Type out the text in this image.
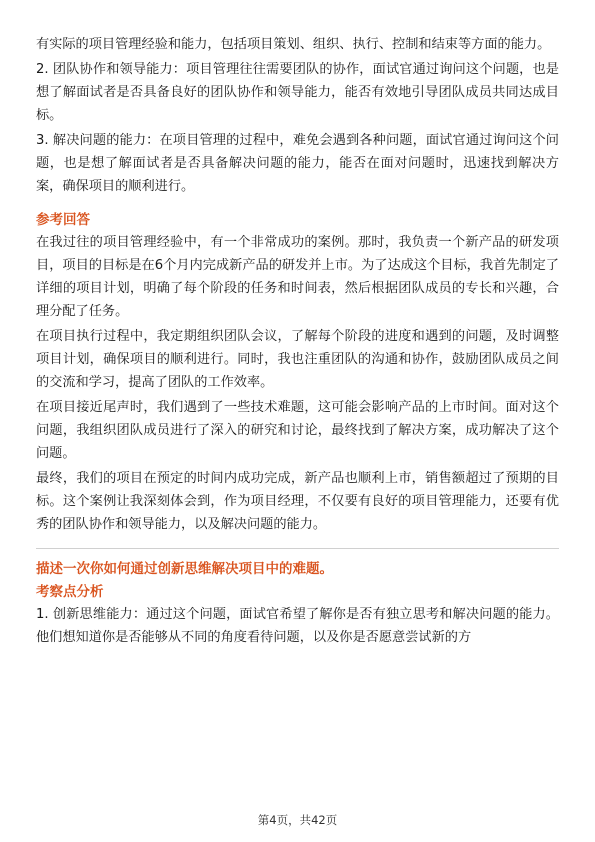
有实际的项目管理经验和能力，包括项目策划、组织、执行、控制和结束等方面的能力。

2. 团队协作和领导能力：项目管理往往需要团队的协作，面试官通过询问这个问题，也是想了解面试者是否具备良好的团队协作和领导能力，能否有效地引导团队成员共同达成目标。

3. 解决问题的能力：在项目管理的过程中，难免会遇到各种问题，面试官通过询问这个问题，也是想了解面试者是否具备解决问题的能力，能否在面对问题时，迅速找到解决方案，确保项目的顺利进行。

参考回答

在我过往的项目管理经验中，有一个非常成功的案例。那时，我负责一个新产品的研发项目，项目的目标是在6个月内完成新产品的研发并上市。为了达成这个目标，我首先制定了详细的项目计划，明确了每个阶段的任务和时间表，然后根据团队成员的专长和兴趣，合理分配了任务。

在项目执行过程中，我定期组织团队会议，了解每个阶段的进度和遇到的问题，及时调整项目计划，确保项目的顺利进行。同时，我也注重团队的沟通和协作，鼓励团队成员之间的交流和学习，提高了团队的工作效率。

在项目接近尾声时，我们遇到了一些技术难题，这可能会影响产品的上市时间。面对这个问题，我组织团队成员进行了深入的研究和讨论，最终找到了解决方案，成功解决了这个问题。

最终，我们的项目在预定的时间内成功完成，新产品也顺利上市，销售额超过了预期的目标。这个案例让我深刻体会到，作为项目经理，不仅要有良好的项目管理能力，还要有优秀的团队协作和领导能力，以及解决问题的能力。

描述一次你如何通过创新思维解决项目中的难题。

考察点分析

1. 创新思维能力：通过这个问题，面试官希望了解你是否有独立思考和解决问题的能力。他们想知道你是否能够从不同的角度看待问题，以及你是否愿意尝试新的方

第4页，共42页
